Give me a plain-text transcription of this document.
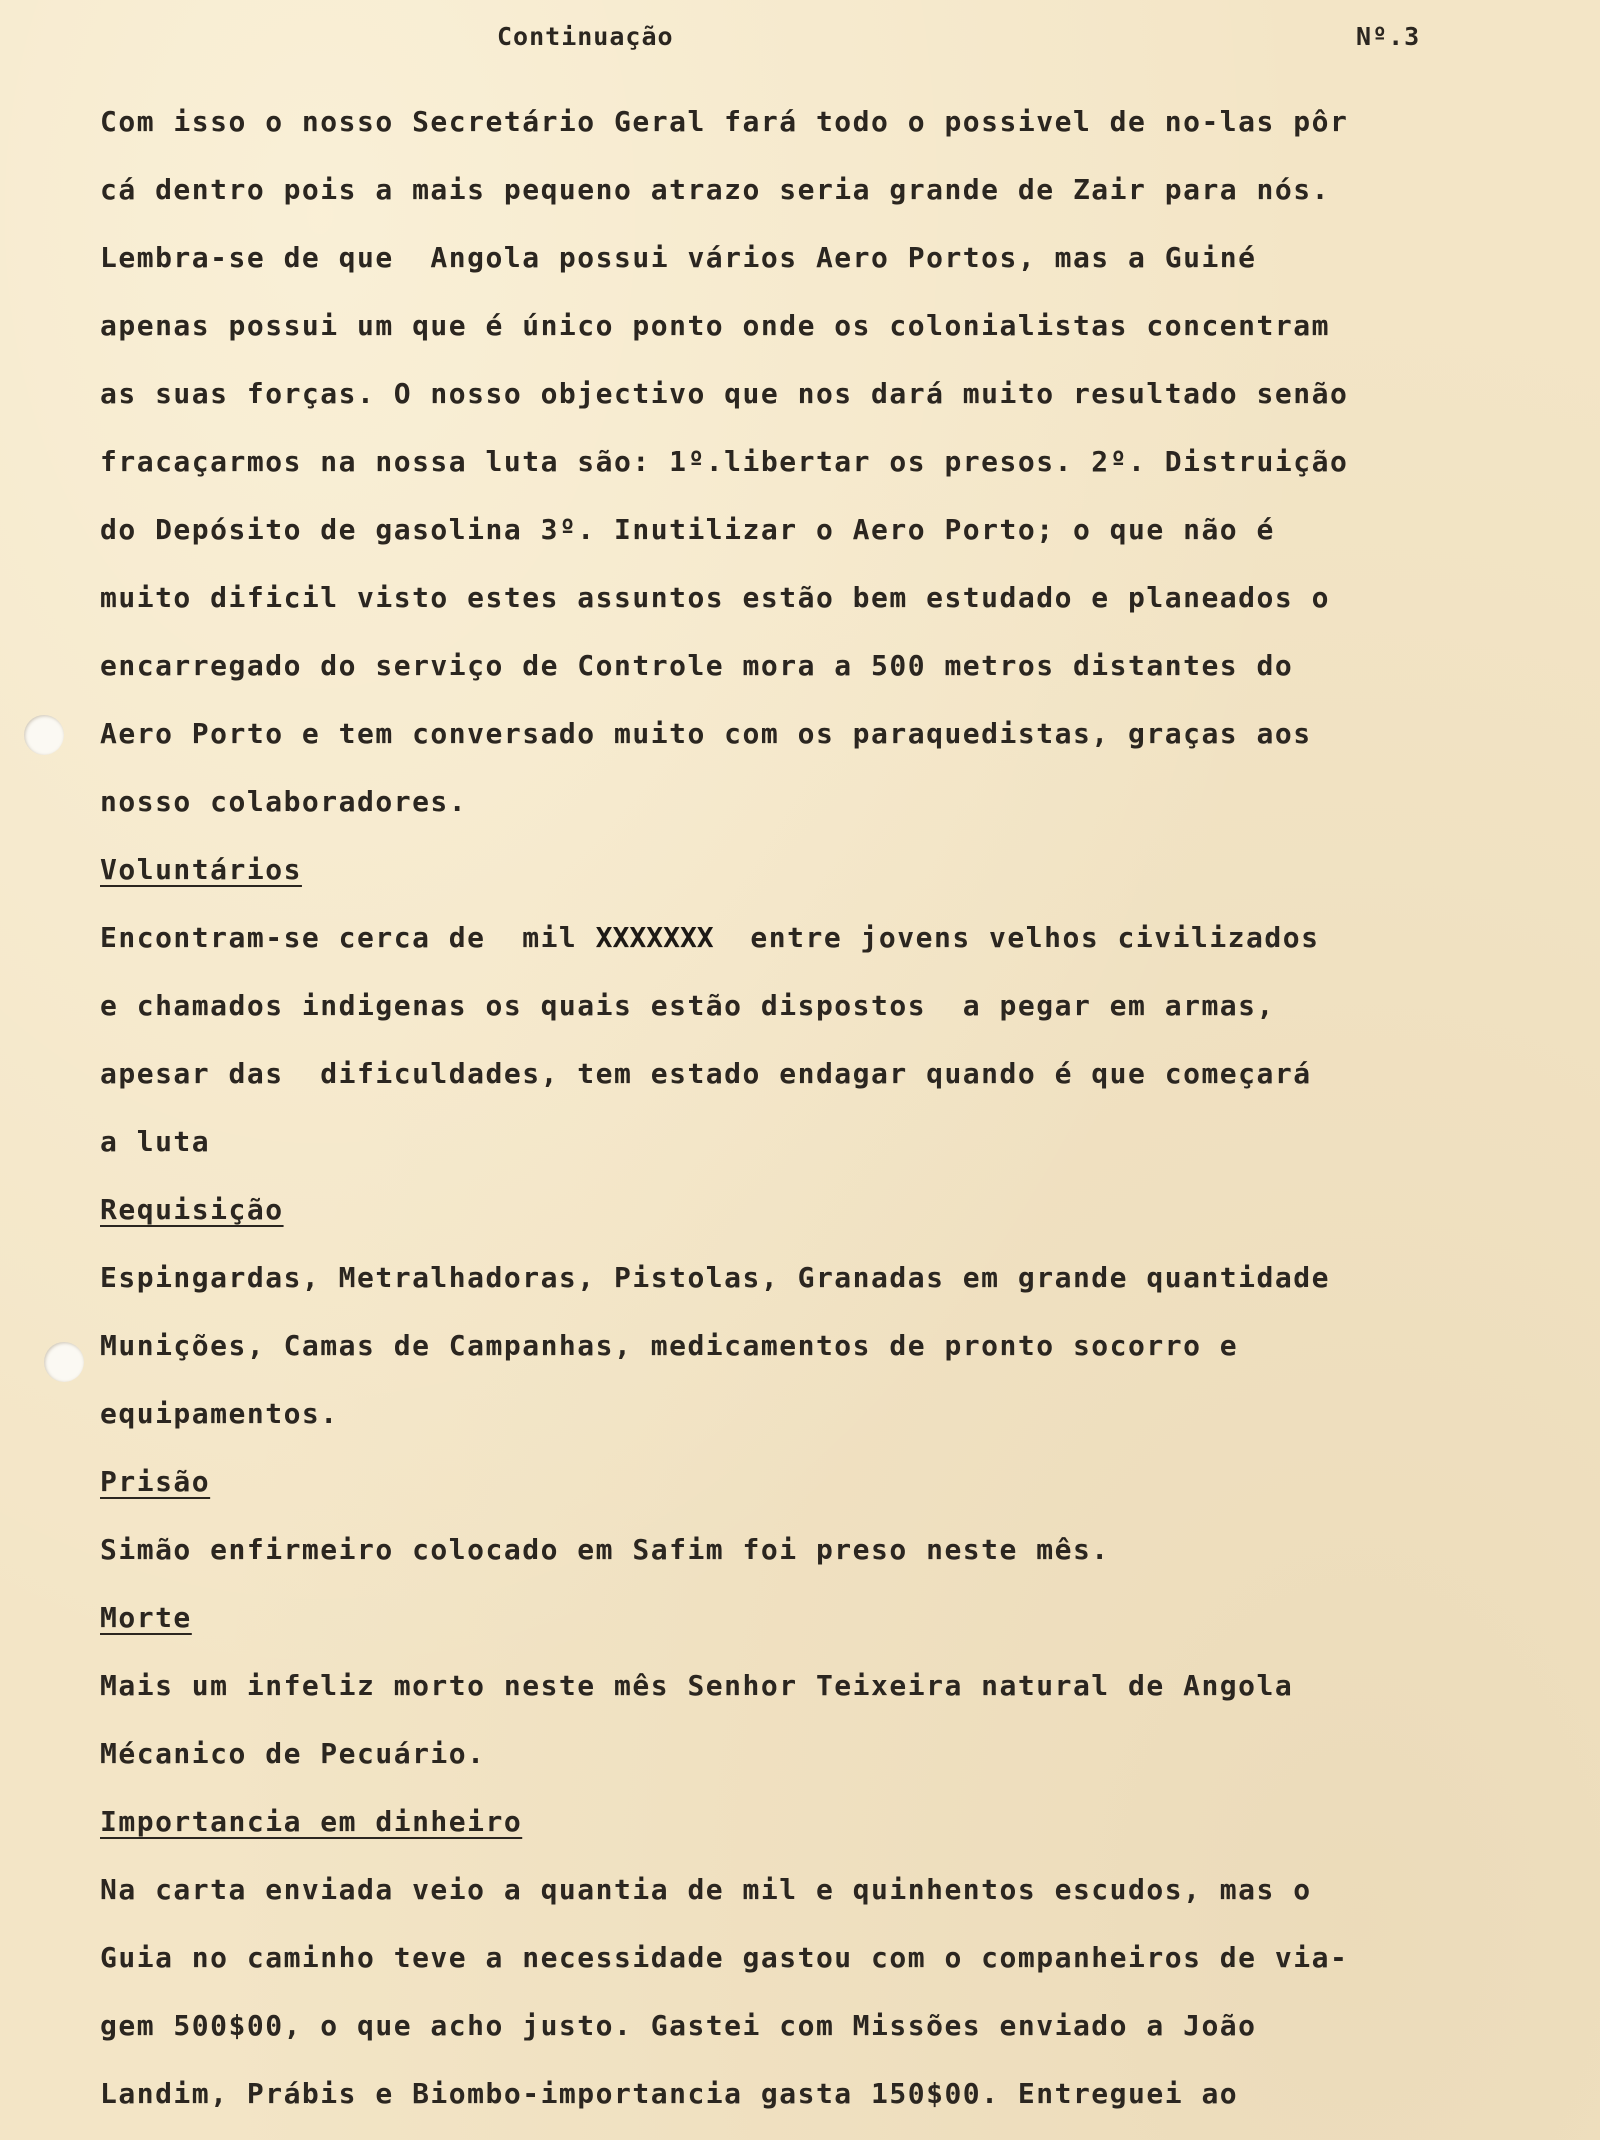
Continuação	Nº.3
Com isso o nosso Secretário Geral fará todo o possivel de no-las pôr
cá dentro pois a mais pequeno atrazo seria grande de Zair para nós.
Lembra-se de que  Angola possui vários Aero Portos, mas a Guiné
apenas possui um que é único ponto onde os colonialistas concentram
as suas forças. O nosso objectivo que nos dará muito resultado senão
fracaçarmos na nossa luta são: 1º.libertar os presos. 2º. Distruição
do Depósito de gasolina 3º. Inutilizar o Aero Porto; o que não é
muito dificil visto estes assuntos estão bem estudado e planeados o
encarregado do serviço de Controle mora a 500 metros distantes do
Aero Porto e tem conversado muito com os paraquedistas, graças aos
nosso colaboradores.
Voluntários
Encontram-se cerca de  mil XXXXXXX  entre jovens velhos civilizados
e chamados indigenas os quais estão dispostos  a pegar em armas,
apesar das  dificuldades, tem estado endagar quando é que começará
a luta
Requisição
Espingardas, Metralhadoras, Pistolas, Granadas em grande quantidade
Munições, Camas de Campanhas, medicamentos de pronto socorro e
equipamentos.
Prisão
Simão enfirmeiro colocado em Safim foi preso neste mês.
Morte
Mais um infeliz morto neste mês Senhor Teixeira natural de Angola
Mécanico de Pecuário.
Importancia em dinheiro
Na carta enviada veio a quantia de mil e quinhentos escudos, mas o
Guia no caminho teve a necessidade gastou com o companheiros de via-
gem 500$00, o que acho justo. Gastei com Missões enviado a João
Landim, Prábis e Biombo-importancia gasta 150$00. Entreguei ao
